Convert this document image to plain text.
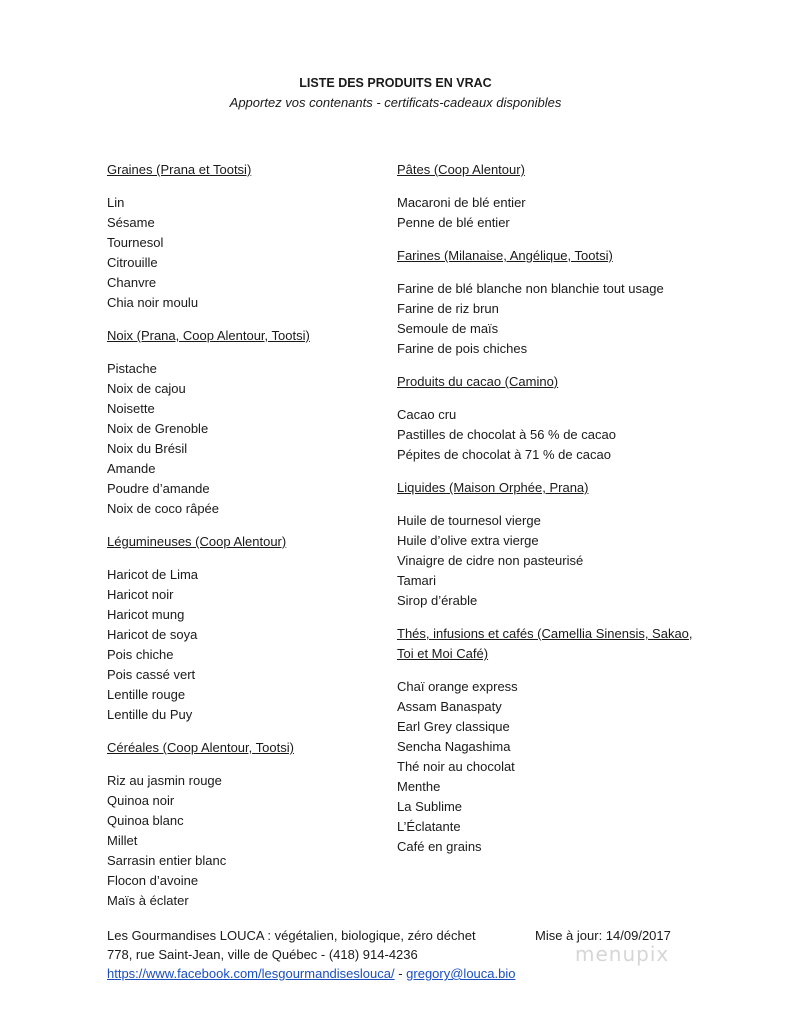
LISTE DES PRODUITS EN VRAC
Apportez vos contenants - certificats-cadeaux disponibles
Graines (Prana et Tootsi)
Lin
Sésame
Tournesol
Citrouille
Chanvre
Chia noir moulu
Noix (Prana, Coop Alentour, Tootsi)
Pistache
Noix de cajou
Noisette
Noix de Grenoble
Noix du Brésil
Amande
Poudre d’amande
Noix de coco râpée
Légumineuses (Coop Alentour)
Haricot de Lima
Haricot noir
Haricot mung
Haricot de soya
Pois chiche
Pois cassé vert
Lentille rouge
Lentille du Puy
Céréales (Coop Alentour, Tootsi)
Riz au jasmin rouge
Quinoa noir
Quinoa blanc
Millet
Sarrasin entier blanc
Flocon d’avoine
Maïs à éclater
Pâtes (Coop Alentour)
Macaroni de blé entier
Penne de blé entier
Farines (Milanaise, Angélique, Tootsi)
Farine de blé blanche non blanchie tout usage
Farine de riz brun
Semoule de maïs
Farine de pois chiches
Produits du cacao (Camino)
Cacao cru
Pastilles de chocolat à 56 % de cacao
Pépites de chocolat à 71 % de cacao
Liquides (Maison Orphée, Prana)
Huile de tournesol vierge
Huile d’olive extra vierge
Vinaigre de cidre non pasteurisé
Tamari
Sirop d’érable
Thés, infusions et cafés (Camellia Sinensis, Sakao,
Toi et Moi Café)
Chaï orange express
Assam Banaspaty
Earl Grey classique
Sencha Nagashima
Thé noir au chocolat
Menthe
La Sublime
L’Éclatante
Café en grains
Les Gourmandises LOUCA : végétalien, biologique, zéro déchet	Mise à jour: 14/09/2017
778, rue Saint-Jean, ville de Québec - (418) 914-4236
https://www.facebook.com/lesgourmandiseslouca/ - gregory@louca.bio
menupix
